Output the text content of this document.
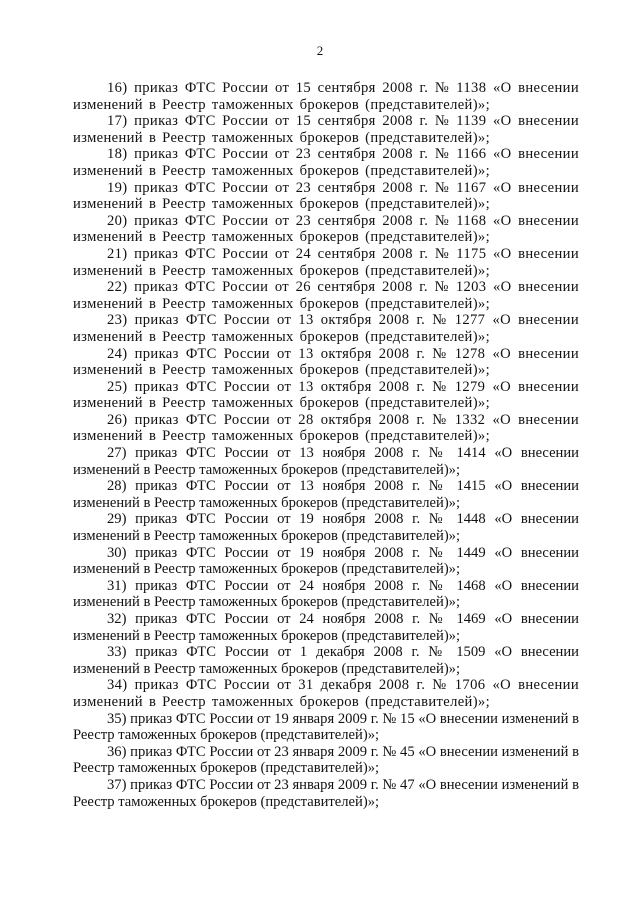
2

16) приказ ФТС России от 15 сентября 2008 г. № 1138 «О внесении изменений в Реестр таможенных брокеров (представителей)»;

17) приказ ФТС России от 15 сентября 2008 г. № 1139 «О внесении изменений в Реестр таможенных брокеров (представителей)»;

18) приказ ФТС России от 23 сентября 2008 г. № 1166 «О внесении изменений в Реестр таможенных брокеров (представителей)»;

19) приказ ФТС России от 23 сентября 2008 г. № 1167 «О внесении изменений в Реестр таможенных брокеров (представителей)»;

20) приказ ФТС России от 23 сентября 2008 г. № 1168 «О внесении изменений в Реестр таможенных брокеров (представителей)»;

21) приказ ФТС России от 24 сентября 2008 г. № 1175 «О внесении изменений в Реестр таможенных брокеров (представителей)»;

22) приказ ФТС России от 26 сентября 2008 г. № 1203 «О внесении изменений в Реестр таможенных брокеров (представителей)»;

23) приказ ФТС России от 13 октября 2008 г. № 1277 «О внесении изменений в Реестр таможенных брокеров (представителей)»;

24) приказ ФТС России от 13 октября 2008 г. № 1278 «О внесении изменений в Реестр таможенных брокеров (представителей)»;

25) приказ ФТС России от 13 октября 2008 г. № 1279 «О внесении изменений в Реестр таможенных брокеров (представителей)»;

26) приказ ФТС России от 28 октября 2008 г. № 1332 «О внесении изменений в Реестр таможенных брокеров (представителей)»;

27) приказ ФТС России от 13 ноября 2008 г. № 1414 «О внесении изменений в Реестр таможенных брокеров (представителей)»;

28) приказ ФТС России от 13 ноября 2008 г. № 1415 «О внесении изменений в Реестр таможенных брокеров (представителей)»;

29) приказ ФТС России от 19 ноября 2008 г. № 1448 «О внесении изменений в Реестр таможенных брокеров (представителей)»;

30) приказ ФТС России от 19 ноября 2008 г. № 1449 «О внесении изменений в Реестр таможенных брокеров (представителей)»;

31) приказ ФТС России от 24 ноября 2008 г. № 1468 «О внесении изменений в Реестр таможенных брокеров (представителей)»;

32) приказ ФТС России от 24 ноября 2008 г. № 1469 «О внесении изменений в Реестр таможенных брокеров (представителей)»;

33) приказ ФТС России от 1 декабря 2008 г. № 1509 «О внесении изменений в Реестр таможенных брокеров (представителей)»;

34) приказ ФТС России от 31 декабря 2008 г. № 1706 «О внесении изменений в Реестр таможенных брокеров (представителей)»;

35) приказ ФТС России от 19 января 2009 г. № 15 «О внесении изменений в Реестр таможенных брокеров (представителей)»;

36) приказ ФТС России от 23 января 2009 г. № 45 «О внесении изменений в Реестр таможенных брокеров (представителей)»;

37) приказ ФТС России от 23 января 2009 г. № 47 «О внесении изменений в Реестр таможенных брокеров (представителей)»;
